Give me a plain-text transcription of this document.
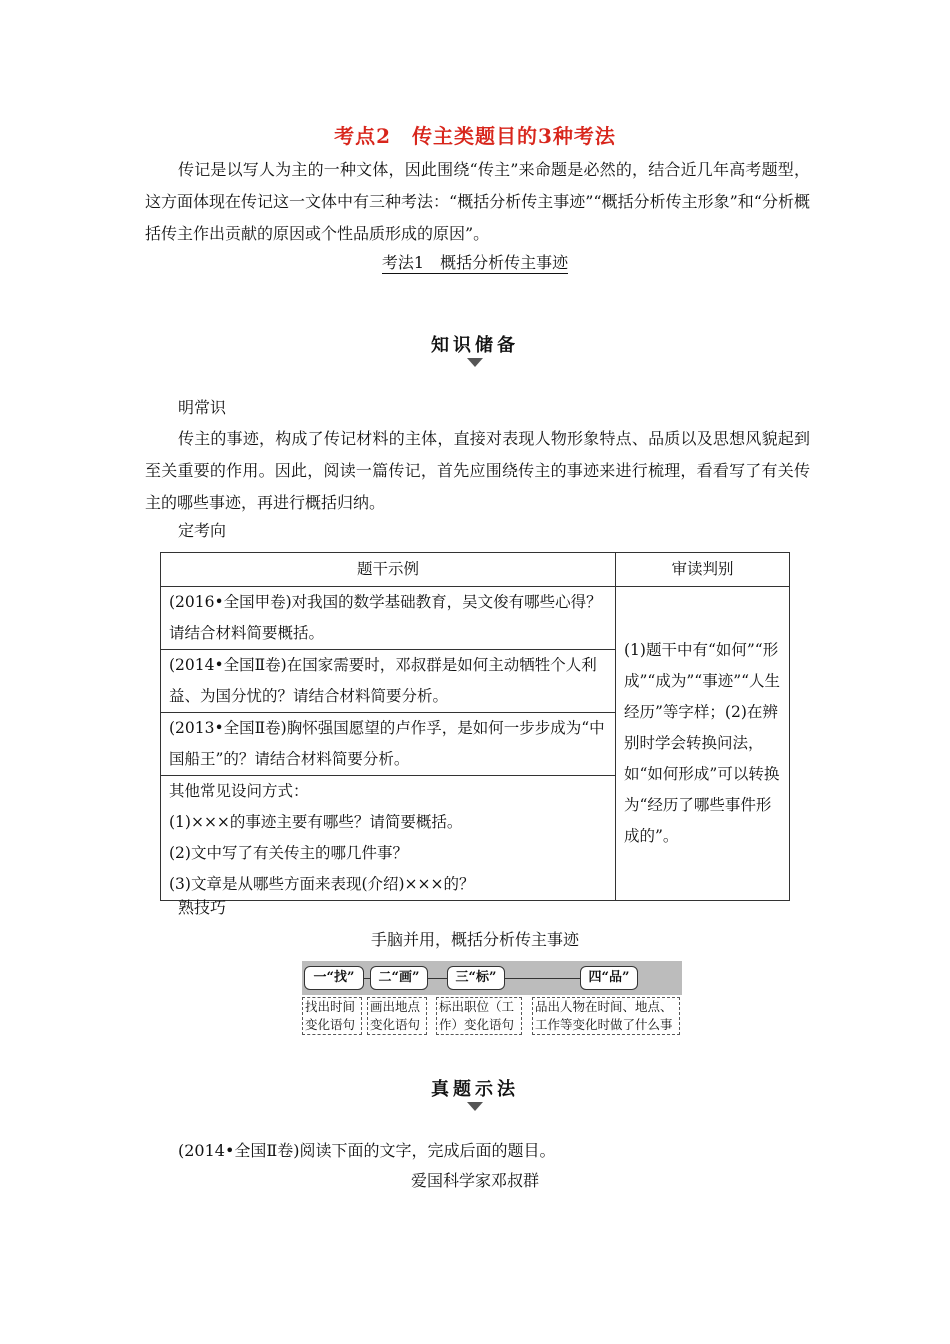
考点2　传主类题目的3种考法
传记是以写人为主的一种文体，因此围绕“传主”来命题是必然的，结合近几年高考题型，这方面体现在传记这一文体中有三种考法：“概括分析传主事迹”“概括分析传主形象”和“分析概括传主作出贡献的原因或个性品质形成的原因”。
考法1　概括分析传主事迹
知识储备
明常识
传主的事迹，构成了传记材料的主体，直接对表现人物形象特点、品质以及思想风貌起到至关重要的作用。因此，阅读一篇传记，首先应围绕传主的事迹来进行梳理，看看写了有关传主的哪些事迹，再进行概括归纳。
定考向
题干示例	审读判别
(2016•全国甲卷)对我国的数学基础教育，吴文俊有哪些心得？请结合材料简要概括。	(1)题干中有“如何”“形成”“成为”“事迹”“人生经历”等字样；(2)在辨别时学会转换问法，如“如何形成”可以转换为“经历了哪些事件形成的”。
(2014•全国Ⅱ卷)在国家需要时，邓叔群是如何主动牺牲个人利益、为国分忧的？请结合材料简要分析。	
(2013•全国Ⅱ卷)胸怀强国愿望的卢作孚，是如何一步步成为“中国船王”的？请结合材料简要分析。	

其他常见设问方式：
(1)×××的事迹主要有哪些？请简要概括。
(2)文中写了有关传主的哪几件事？
(3)文章是从哪些方面来表现(介绍)×××的？	
熟技巧
手脑并用，概括分析传主事迹
一“找”	二“画”	三“标”	四“品”
找出时间变化语句
画出地点变化语句
标出职位（工作）变化语句
品出人物在时间、地点、工作等变化时做了什么事
真题示法
(2014•全国Ⅱ卷)阅读下面的文字，完成后面的题目。
爱国科学家邓叔群
